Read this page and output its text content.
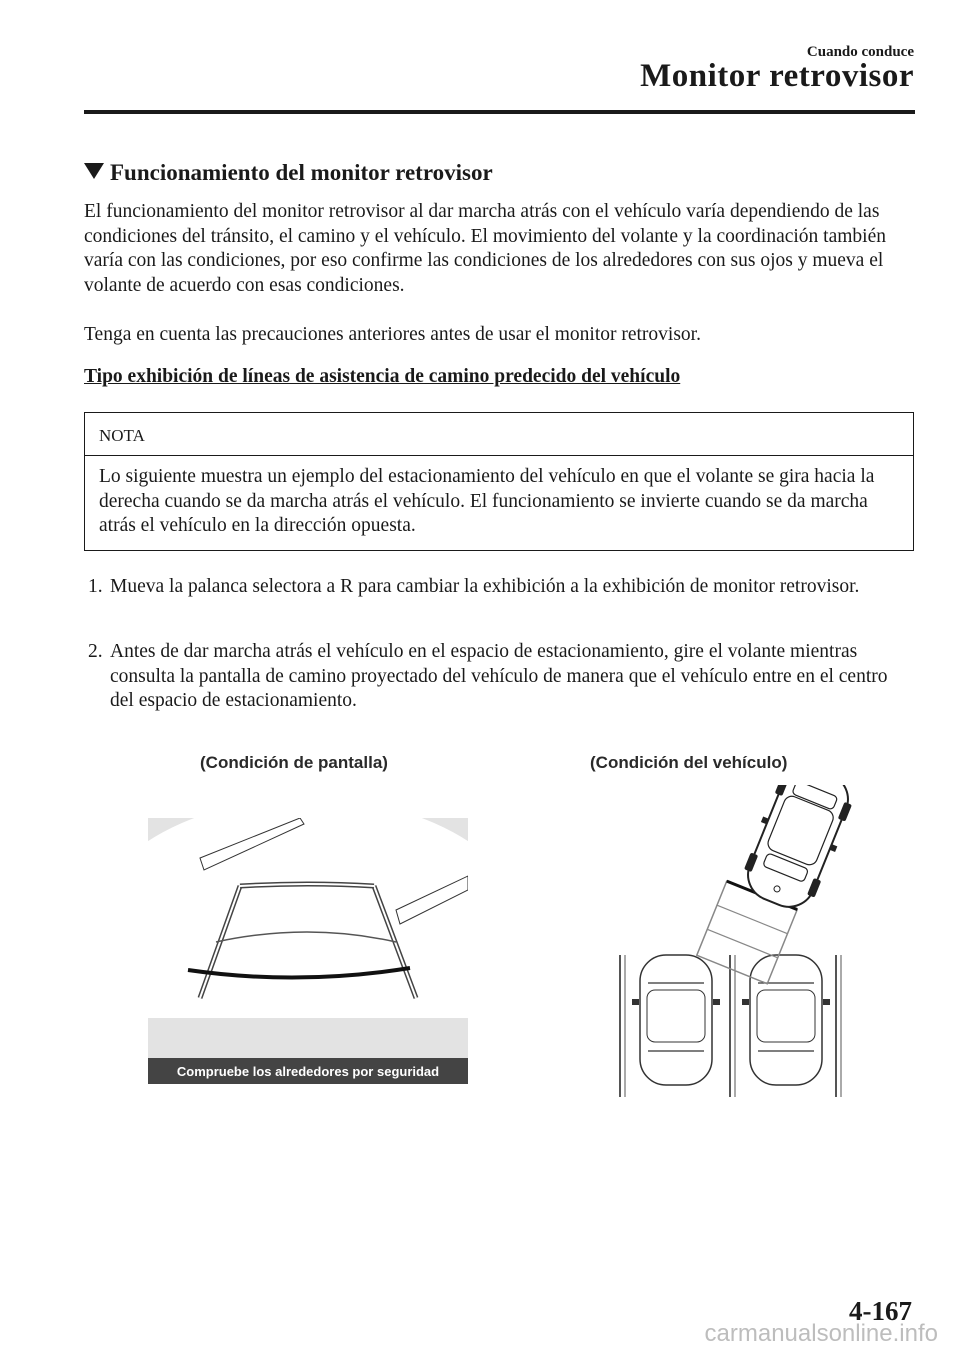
Cuando conduce
Monitor retrovisor
Funcionamiento del monitor retrovisor

El funcionamiento del monitor retrovisor al dar marcha atrás con el vehículo varía dependiendo de las condiciones del tránsito, el camino y el vehículo. El movimiento del volante y la coordinación también varía con las condiciones, por eso confirme las condiciones de los alrededores con sus ojos y mueva el volante de acuerdo con esas condiciones.

Tenga en cuenta las precauciones anteriores antes de usar el monitor retrovisor.

Tipo exhibición de líneas de asistencia de camino predecido del vehículo
NOTA

Lo siguiente muestra un ejemplo del estacionamiento del vehículo en que el volante se gira hacia la derecha cuando se da marcha atrás el vehículo. El funcionamiento se invierte cuando se da marcha atrás el vehículo en la dirección opuesta.

1. Mueva la palanca selectora a R para cambiar la exhibición a la exhibición de monitor retrovisor.

2. Antes de dar marcha atrás el vehículo en el espacio de estacionamiento, gire el volante mientras consulta la pantalla de camino proyectado del vehículo de manera que el vehículo entre en el centro del espacio de estacionamiento.

(Condición de pantalla)	(Condición del vehículo)
Compruebe los alrededores por seguridad
4-167
carmanualsonline.info
